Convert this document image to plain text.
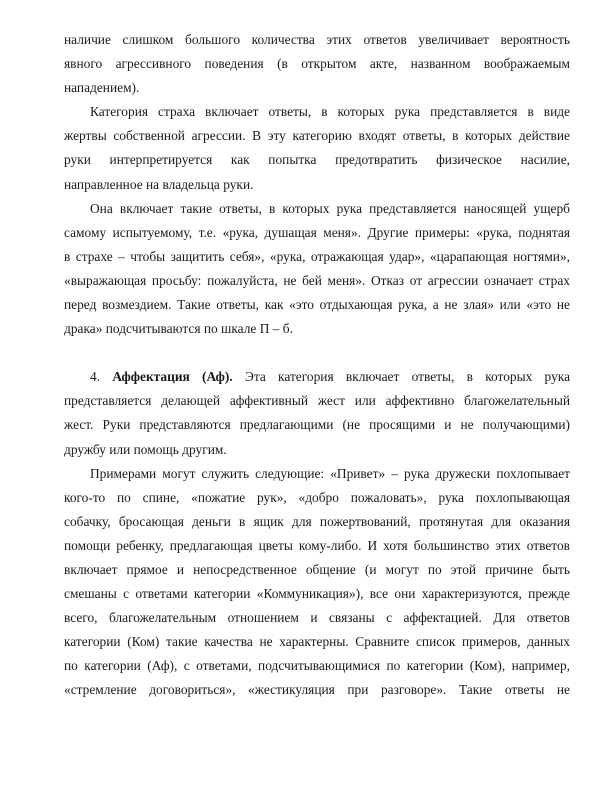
наличие слишком большого количества этих ответов увеличивает вероятность
явного агрессивного поведения (в открытом акте, названном воображаемым
нападением).
Категория страха включает ответы, в которых рука представляется в виде
жертвы собственной агрессии. В эту категорию входят ответы, в которых действие
руки интерпретируется как попытка предотвратить физическое насилие,
направленное на владельца руки.
Она включает такие ответы, в которых рука представляется наносящей ущерб
самому испытуемому, т.е. «рука, душащая меня». Другие примеры: «рука, поднятая
в страхе – чтобы защитить себя», «рука, отражающая удар», «царапающая ногтями»,
«выражающая просьбу: пожалуйста, не бей меня». Отказ от агрессии означает страх
перед возмездием. Такие ответы, как «это отдыхающая рука, а не злая» или «это не
драка» подсчитываются по шкале П – б.
4. Аффектация (Аф). Эта категория включает ответы, в которых рука
представляется делающей аффективный жест или аффективно благожелательный
жест. Руки представляются предлагающими (не просящими и не получающими)
дружбу или помощь другим.
Примерами могут служить следующие: «Привет» – рука дружески похлопывает
кого-то по спине, «пожатие рук», «добро пожаловать», рука похлопывающая
собачку, бросающая деньги в ящик для пожертвований, протянутая для оказания
помощи ребенку, предлагающая цветы кому-либо. И хотя большинство этих ответов
включает прямое и непосредственное общение (и могут по этой причине быть
смешаны с ответами категории «Коммуникация»), все они характеризуются, прежде
всего, благожелательным отношением и связаны с аффектацией. Для ответов
категории (Ком) такие качества не характерны. Сравните список примеров, данных
по категории (Аф), с ответами, подсчитывающимися по категории (Ком), например,
«стремление договориться», «жестикуляция при разговоре». Такие ответы не
